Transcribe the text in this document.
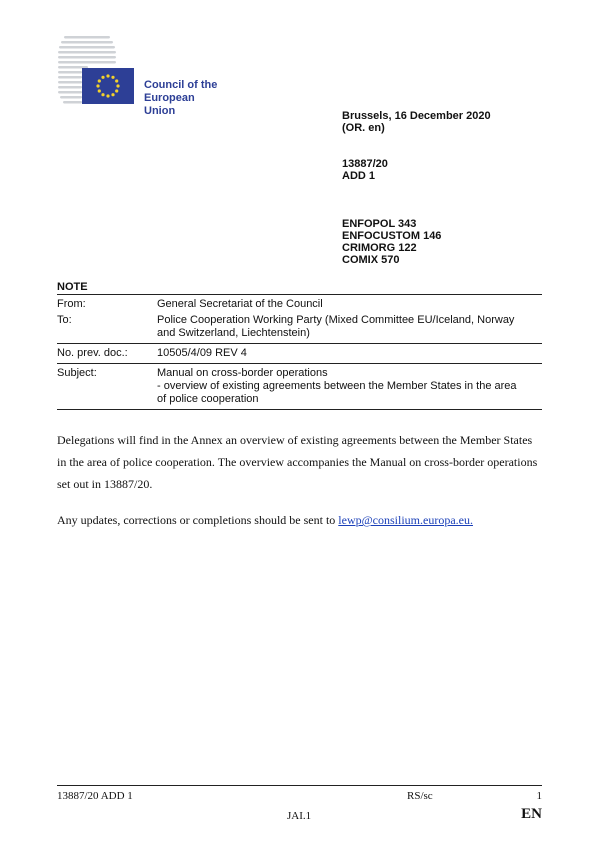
Council of the
European Union	Brussels, 16 December 2020
(OR. en)
13887/20
ADD 1
ENFOPOL 343
ENFOCUSTOM 146
CRIMORG 122
COMIX 570
NOTE
From:	General Secretariat of the Council
To:	Police Cooperation Working Party (Mixed Committee EU/Iceland, Norway
and Switzerland, Liechtenstein)
No. prev. doc.:	10505/4/09 REV 4
Subject:	Manual on cross-border operations
- overview of existing agreements between the Member States in the area
of police cooperation

Delegations will find in the Annex an overview of existing agreements between the Member States in the area of police cooperation. The overview accompanies the Manual on cross-border operations set out in 13887/20.

Any updates, corrections or completions should be sent to lewp@consilium.europa.eu.

13887/20 ADD 1	RS/sc	1
JAI.1	EN
